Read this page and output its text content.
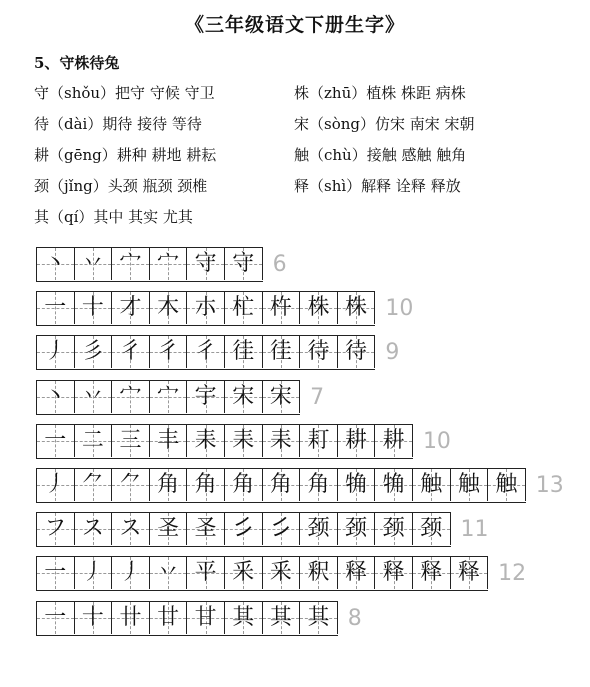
《三年级语文下册生字》
5、守株待兔
守（shǒu）把守 守候 守卫
待（dài）期待 接待 等待
耕（gēng）耕种 耕地 耕耘
颈（jǐng）头颈 瓶颈 颈椎
其（qí）其中 其实 尤其
株（zhū）植株 株距 病株
宋（sòng）仿宋 南宋 宋朝
触（chù）接触 感触 触角
释（shì）解释 诠释 释放
丶 丷 宀 宀 守 守 6
一 十 才 木 朩 杧 杵 株 株 10
丿 彡 彳 彳 彳 徍 徍 待 待 9
丶 丷 宀 宀 宇 宋 宋 7
一 二 三 丰 耒 耒 耒 耓 耕 耕 10
丿 ⺈ ⺈ 角 角 角 角 角 觕 觕 触 触 触 13
フ ス ス 圣 圣 𰀪 𰀪 颈 颈 颈 颈 11
一 丿 丿 丷 平 釆 釆 釈 释 释 释 释 12
一 十 卄 廿 甘 其 其 其 8
